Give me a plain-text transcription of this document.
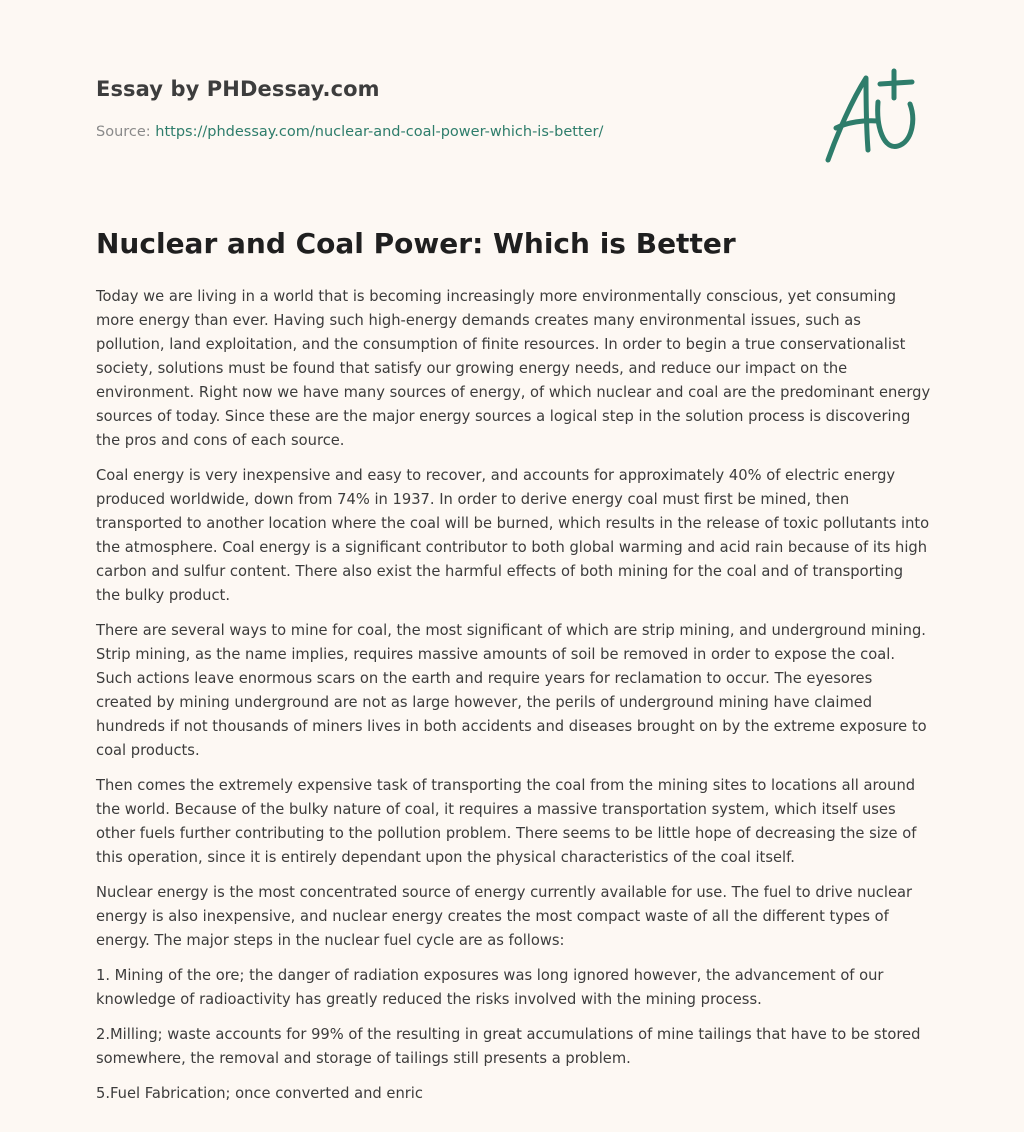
Essay by PHDessay.com
Source: https://phdessay.com/nuclear-and-coal-power-which-is-better/
Nuclear and Coal Power: Which is Better

Today we are living in a world that is becoming increasingly more environmentally conscious, yet consuming more energy than ever. Having such high-energy demands creates many environmental issues, such as pollution, land exploitation, and the consumption of finite resources. In order to begin a true conservationalist society, solutions must be found that satisfy our growing energy needs, and reduce our impact on the environment. Right now we have many sources of energy, of which nuclear and coal are the predominant energy sources of today. Since these are the major energy sources a logical step in the solution process is discovering the pros and cons of each source.

Coal energy is very inexpensive and easy to recover, and accounts for approximately 40% of electric energy produced worldwide, down from 74% in 1937. In order to derive energy coal must first be mined, then transported to another location where the coal will be burned, which results in the release of toxic pollutants into the atmosphere. Coal energy is a significant contributor to both global warming and acid rain because of its high carbon and sulfur content. There also exist the harmful effects of both mining for the coal and of transporting the bulky product.

There are several ways to mine for coal, the most significant of which are strip mining, and underground mining. Strip mining, as the name implies, requires massive amounts of soil be removed in order to expose the coal. Such actions leave enormous scars on the earth and require years for reclamation to occur. The eyesores created by mining underground are not as large however, the perils of underground mining have claimed hundreds if not thousands of miners lives in both accidents and diseases brought on by the extreme exposure to coal products.

Then comes the extremely expensive task of transporting the coal from the mining sites to locations all around the world. Because of the bulky nature of coal, it requires a massive transportation system, which itself uses other fuels further contributing to the pollution problem. There seems to be little hope of decreasing the size of this operation, since it is entirely dependant upon the physical characteristics of the coal itself.

Nuclear energy is the most concentrated source of energy currently available for use. The fuel to drive nuclear energy is also inexpensive, and nuclear energy creates the most compact waste of all the different types of energy. The major steps in the nuclear fuel cycle are as follows:

1. Mining of the ore; the danger of radiation exposures was long ignored however, the advancement of our knowledge of radioactivity has greatly reduced the risks involved with the mining process.

2.Milling; waste accounts for 99% of the resulting in great accumulations of mine tailings that have to be stored somewhere, the removal and storage of tailings still presents a problem.

5.Fuel Fabrication; once converted and enric
